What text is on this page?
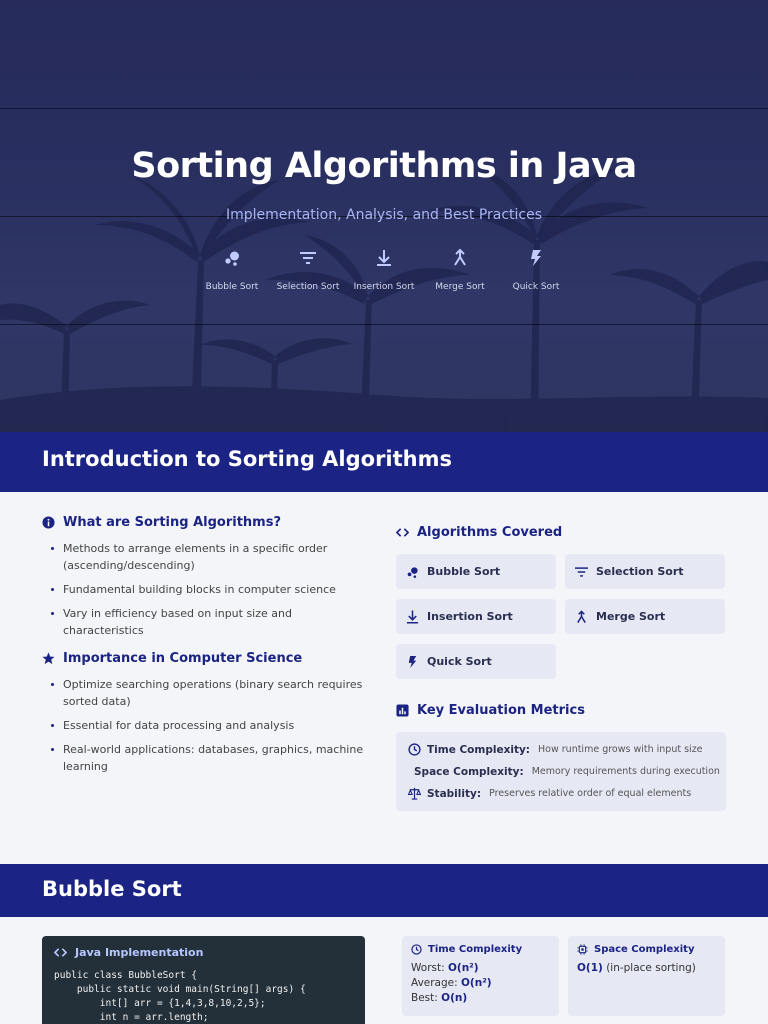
Sorting Algorithms in Java

Implementation, Analysis, and Best Practices

Bubble Sort	Selection Sort	Insertion Sort	Merge Sort	Quick Sort
Introduction to Sorting Algorithms
What are Sorting Algorithms?
Methods to arrange elements in a specific order (ascending/descending)
Fundamental building blocks in computer science
Vary in efficiency based on input size and characteristics
Importance in Computer Science
Optimize searching operations (binary search requires sorted data)
Essential for data processing and analysis
Real-world applications: databases, graphics, machine learning
Algorithms Covered
Bubble Sort	Selection Sort
Insertion Sort	Merge Sort
Quick Sort
Key Evaluation Metrics
Time Complexity: How runtime grows with input size
Space Complexity: Memory requirements during execution
Stability: Preserves relative order of equal elements
Bubble Sort
Java Implementation
public class BubbleSort {
public static void main(String[] args) {
int[] arr = {1,4,3,8,10,2,5};
int n = arr.length;
Time Complexity
Worst: O(n²)
Average: O(n²)
Best: O(n)
Space Complexity
O(1) (in-place sorting)
